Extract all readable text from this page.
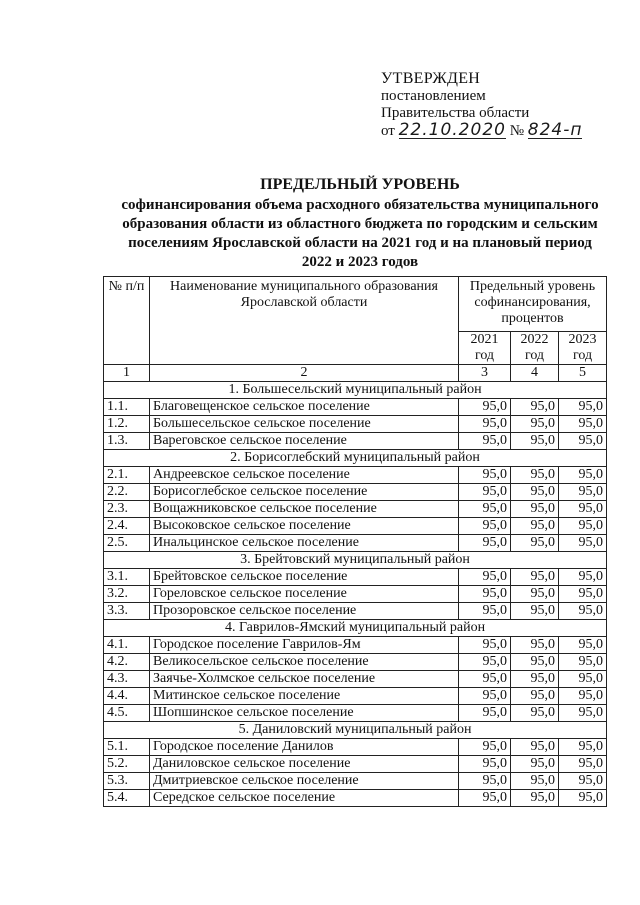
УТВЕРЖДЕН
постановлением
Правительства области
от 22.10.2020 № 824-п
ПРЕДЕЛЬНЫЙ УРОВЕНЬ
софинансирования объема расходного обязательства муниципального
образования области из областного бюджета по городским и сельским
поселениям Ярославской области на 2021 год и на плановый период
2022 и 2023 годов
№ п/п	Наименование муниципального образования Ярославской области	Предельный уровень софинансирования, процентов		
		2021 год	2022 год	2023 год
1	2	3	4	5
1. Большесельский муниципальный район				
1.1.	Благовещенское сельское поселение	95,0	95,0	95,0
1.2.	Большесельское сельское поселение	95,0	95,0	95,0
1.3.	Вареговское сельское поселение	95,0	95,0	95,0
2. Борисоглебский муниципальный район				
2.1.	Андреевское сельское поселение	95,0	95,0	95,0
2.2.	Борисоглебское сельское поселение	95,0	95,0	95,0
2.3.	Вощажниковское сельское поселение	95,0	95,0	95,0
2.4.	Высоковское сельское поселение	95,0	95,0	95,0
2.5.	Инальцинское сельское поселение	95,0	95,0	95,0
3. Брейтовский муниципальный район				
3.1.	Брейтовское сельское поселение	95,0	95,0	95,0
3.2.	Гореловское сельское поселение	95,0	95,0	95,0
3.3.	Прозоровское сельское поселение	95,0	95,0	95,0
4. Гаврилов-Ямский муниципальный район				
4.1.	Городское поселение Гаврилов-Ям	95,0	95,0	95,0
4.2.	Великосельское сельское поселение	95,0	95,0	95,0
4.3.	Заячье-Холмское сельское поселение	95,0	95,0	95,0
4.4.	Митинское сельское поселение	95,0	95,0	95,0
4.5.	Шопшинское сельское поселение	95,0	95,0	95,0
5. Даниловский муниципальный район				
5.1.	Городское поселение Данилов	95,0	95,0	95,0
5.2.	Даниловское сельское поселение	95,0	95,0	95,0
5.3.	Дмитриевское сельское поселение	95,0	95,0	95,0
5.4.	Середское сельское поселение	95,0	95,0	95,0
